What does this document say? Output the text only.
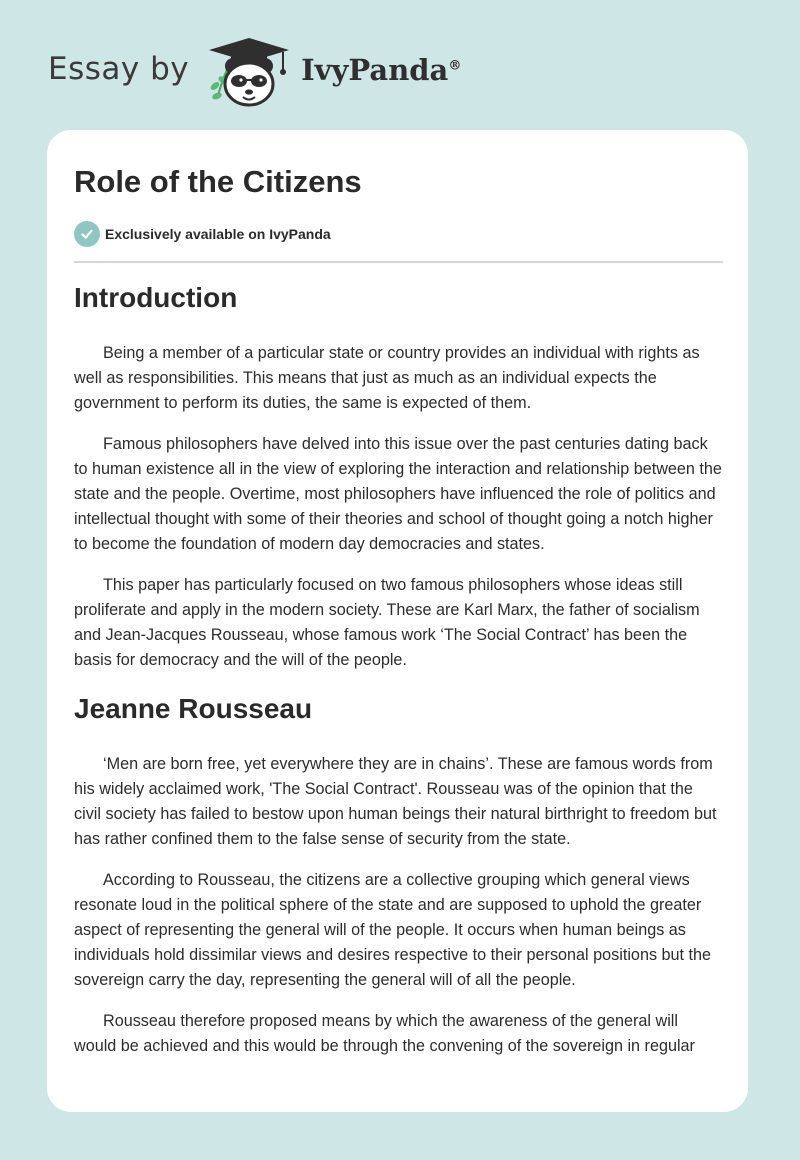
Essay by	IvyPanda®
Role of the Citizens
Exclusively available on IvyPanda
Introduction

Being a member of a particular state or country provides an individual with rights as well as responsibilities. This means that just as much as an individual expects the government to perform its duties, the same is expected of them.

Famous philosophers have delved into this issue over the past centuries dating back to human existence all in the view of exploring the interaction and relationship between the state and the people. Overtime, most philosophers have influenced the role of politics and intellectual thought with some of their theories and school of thought going a notch higher to become the foundation of modern day democracies and states.

This paper has particularly focused on two famous philosophers whose ideas still proliferate and apply in the modern society. These are Karl Marx, the father of socialism and Jean-Jacques Rousseau, whose famous work ‘The Social Contract’ has been the basis for democracy and the will of the people.

Jeanne Rousseau

‘Men are born free, yet everywhere they are in chains’. These are famous words from his widely acclaimed work, 'The Social Contract'. Rousseau was of the opinion that the civil society has failed to bestow upon human beings their natural birthright to freedom but has rather confined them to the false sense of security from the state.

According to Rousseau, the citizens are a collective grouping which general views resonate loud in the political sphere of the state and are supposed to uphold the greater aspect of representing the general will of the people. It occurs when human beings as individuals hold dissimilar views and desires respective to their personal positions but the sovereign carry the day, representing the general will of all the people.

Rousseau therefore proposed means by which the awareness of the general will would be achieved and this would be through the convening of the sovereign in regular
